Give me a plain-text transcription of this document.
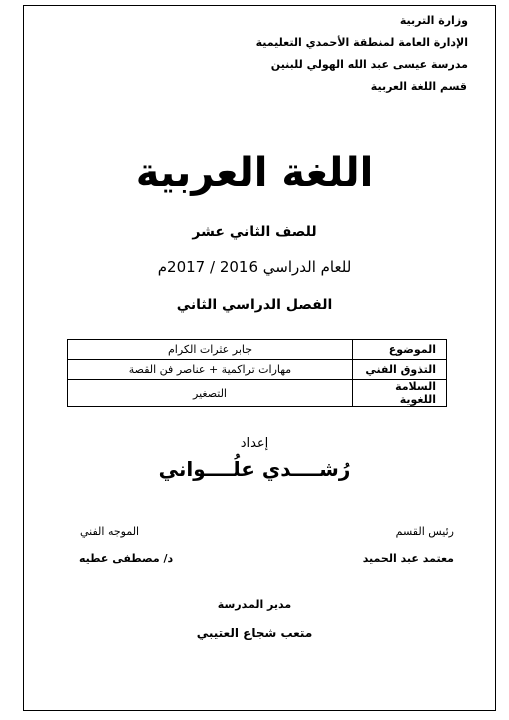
وزارة التربية
الإدارة العامة لمنطقة الأحمدي التعليمية
مدرسة عيسى عبد الله الهولي للبنين
قسم اللغة العربية
اللغة العربية
للصف الثاني عشر
للعام الدراسي 2016 / 2017م
الفصل الدراسي الثاني
الموضوع	جابر عثرات الكرام
التذوق الفني	مهارات تراكمية + عناصر فن القصة
السلامة اللغوية	التصغير
إعداد
رُشــــدي علُــــواني
رئيس القسم
معتمد عبد الحميد
الموجه الفني
د/ مصطفى عطيه
مدير المدرسة
متعب شجاع العتيبي
